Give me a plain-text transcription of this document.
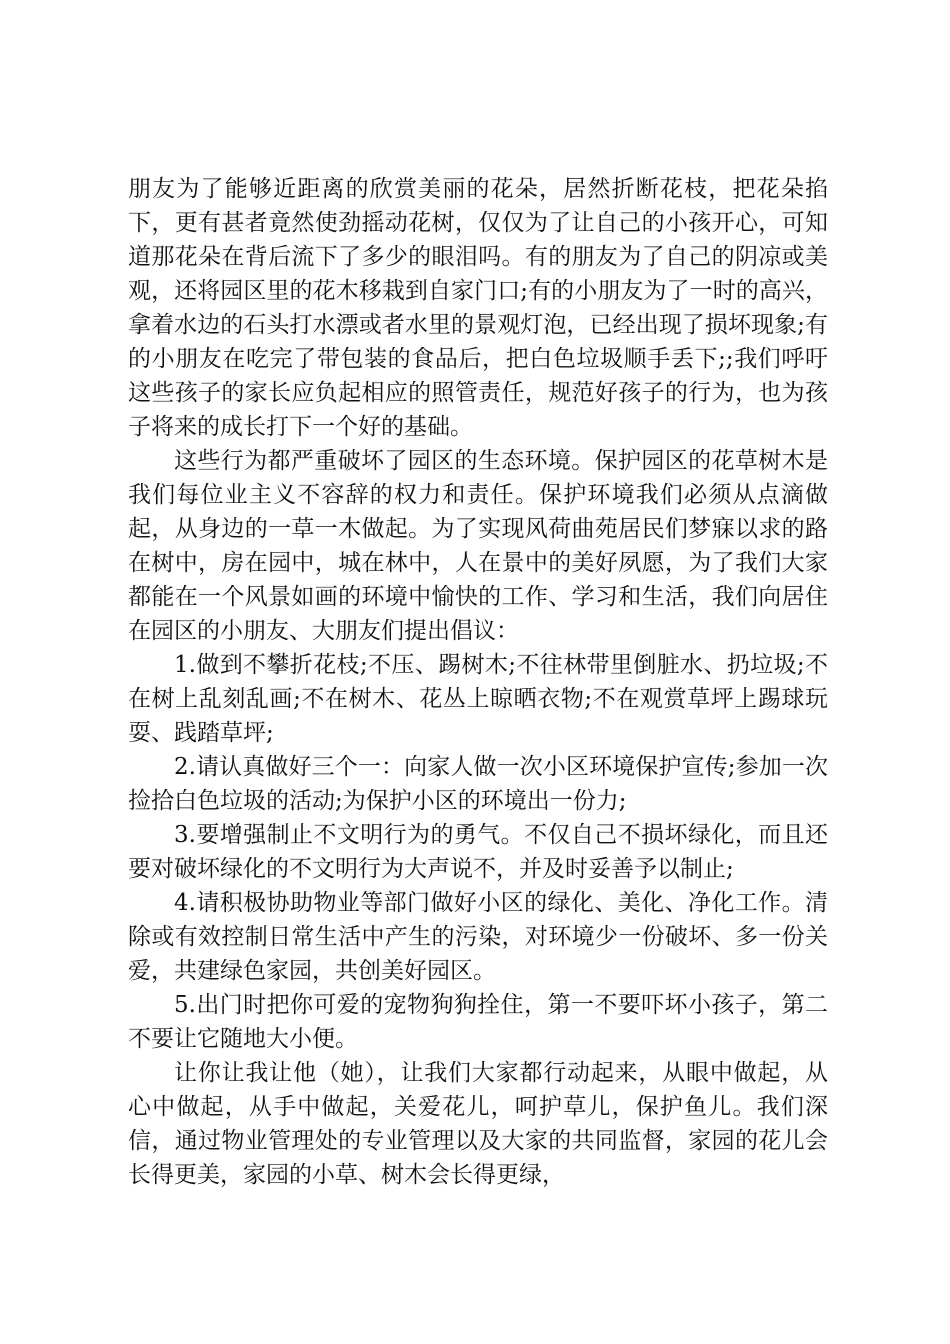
朋友为了能够近距离的欣赏美丽的花朵，居然折断花枝，把花朵掐下，更有甚者竟然使劲摇动花树，仅仅为了让自己的小孩开心，可知道那花朵在背后流下了多少的眼泪吗。有的朋友为了自己的阴凉或美观，还将园区里的花木移栽到自家门口;有的小朋友为了一时的高兴，拿着水边的石头打水漂或者水里的景观灯泡，已经出现了损坏现象;有的小朋友在吃完了带包装的食品后，把白色垃圾顺手丢下;;我们呼吁这些孩子的家长应负起相应的照管责任，规范好孩子的行为，也为孩子将来的成长打下一个好的基础。

这些行为都严重破坏了园区的生态环境。保护园区的花草树木是我们每位业主义不容辞的权力和责任。保护环境我们必须从点滴做起，从身边的一草一木做起。为了实现风荷曲苑居民们梦寐以求的路在树中，房在园中，城在林中，人在景中的美好夙愿，为了我们大家都能在一个风景如画的环境中愉快的工作、学习和生活，我们向居住在园区的小朋友、大朋友们提出倡议：

1.做到不攀折花枝;不压、踢树木;不往林带里倒脏水、扔垃圾;不在树上乱刻乱画;不在树木、花丛上晾晒衣物;不在观赏草坪上踢球玩耍、践踏草坪;

2.请认真做好三个一：向家人做一次小区环境保护宣传;参加一次捡拾白色垃圾的活动;为保护小区的环境出一份力;

3.要增强制止不文明行为的勇气。不仅自己不损坏绿化，而且还要对破坏绿化的不文明行为大声说不，并及时妥善予以制止;

4.请积极协助物业等部门做好小区的绿化、美化、净化工作。清除或有效控制日常生活中产生的污染，对环境少一份破坏、多一份关爱，共建绿色家园，共创美好园区。

5.出门时把你可爱的宠物狗狗拴住，第一不要吓坏小孩子，第二不要让它随地大小便。

让你让我让他（她），让我们大家都行动起来，从眼中做起，从心中做起，从手中做起，关爱花儿，呵护草儿，保护鱼儿。我们深信，通过物业管理处的专业管理以及大家的共同监督，家园的花儿会长得更美，家园的小草、树木会长得更绿，
